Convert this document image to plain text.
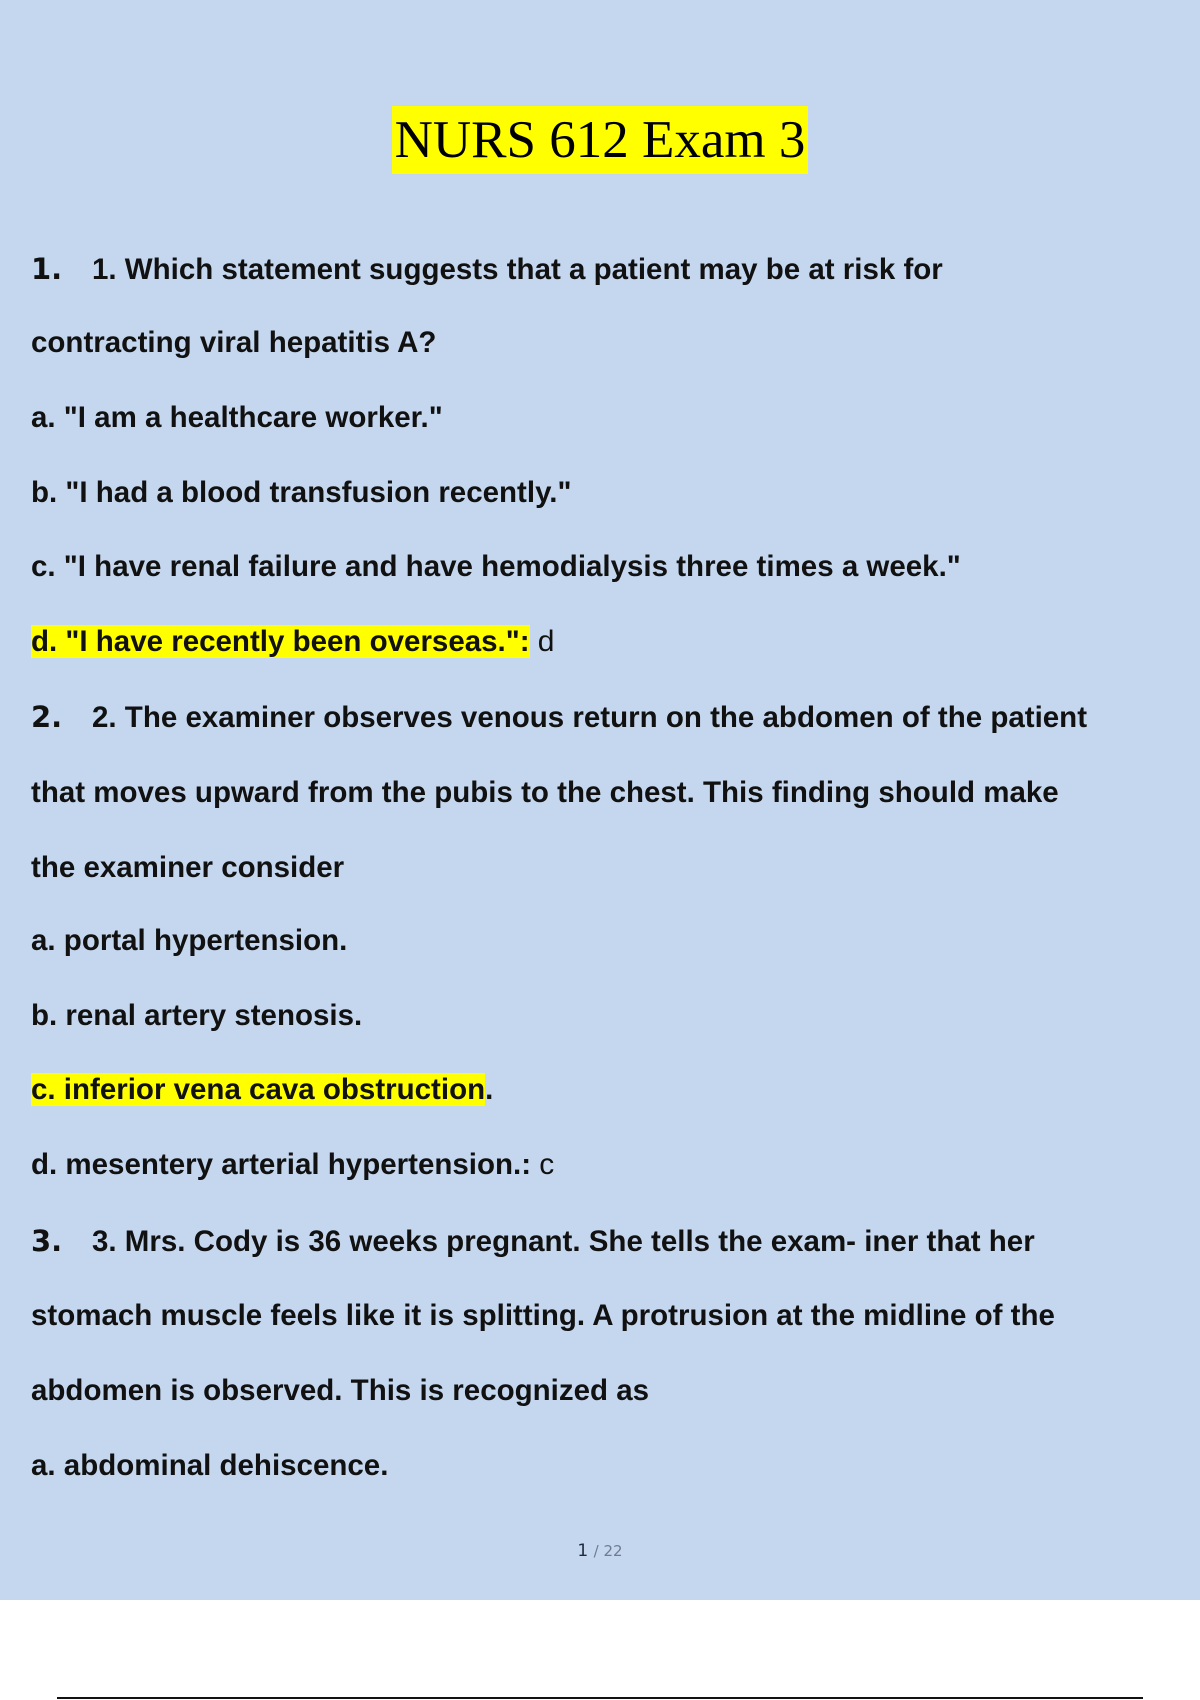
NURS 612 Exam 3
1. 1. Which statement suggests that a patient may be at risk for
contracting viral hepatitis A?
a. "I am a healthcare worker."
b. "I had a blood transfusion recently."
c. "I have renal failure and have hemodialysis three times a week."
d. "I have recently been overseas.": d
2. 2. The examiner observes venous return on the abdomen of the patient
that moves upward from the pubis to the chest. This finding should make
the examiner consider
a. portal hypertension.
b. renal artery stenosis.
c. inferior vena cava obstruction.
d. mesentery arterial hypertension.: c
3. 3. Mrs. Cody is 36 weeks pregnant. She tells the exam- iner that her
stomach muscle feels like it is splitting. A protrusion at the midline of the
abdomen is observed. This is recognized as
a. abdominal dehiscence.
1 / 22
